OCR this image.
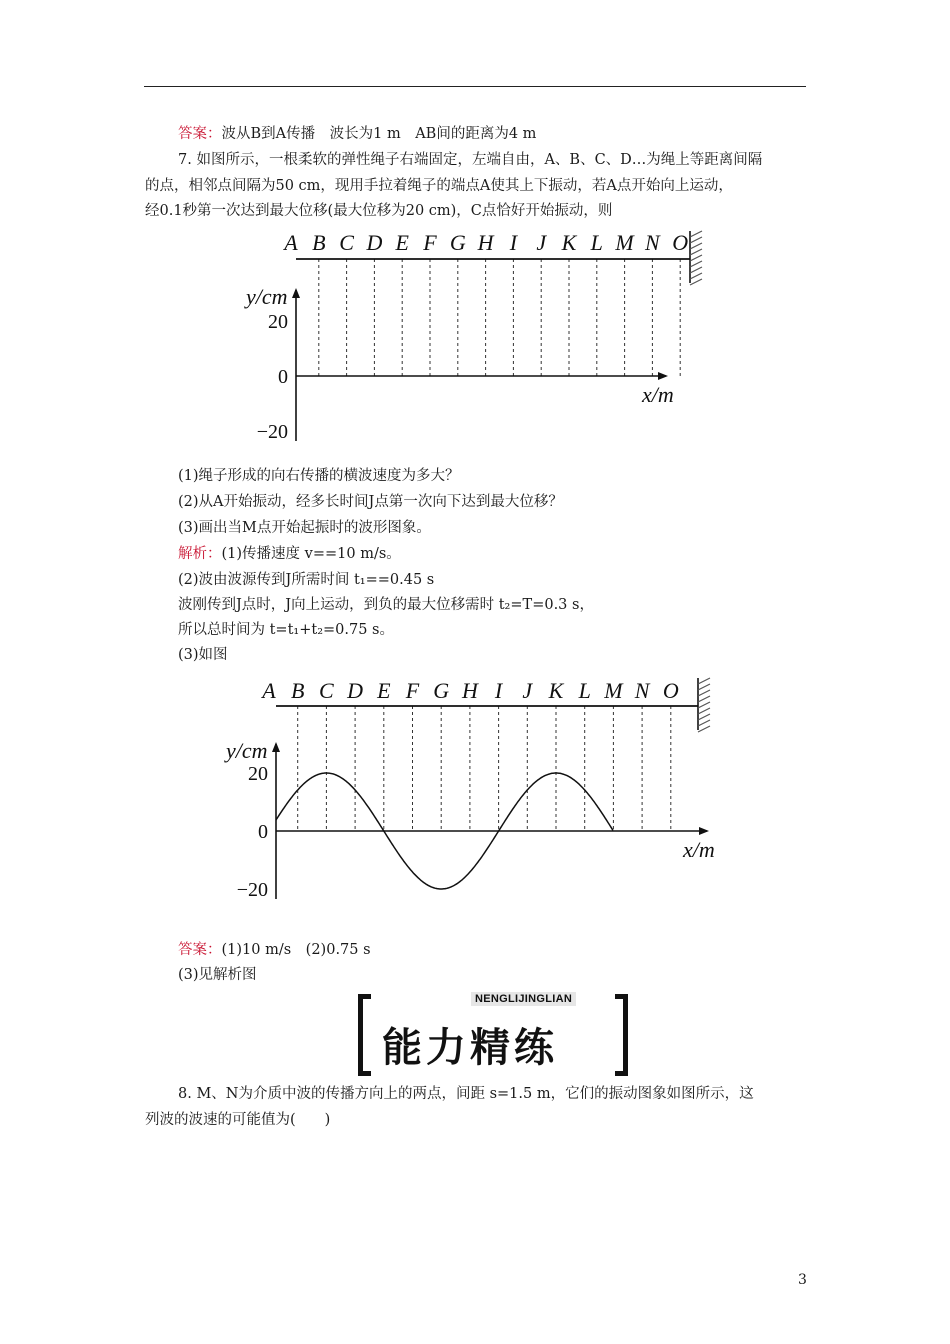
答案：波从B到A传播　波长为1 m　AB间的距离为4 m
7. 如图所示，一根柔软的弹性绳子右端固定，左端自由，A、B、C、D…为绳上等距离间隔
的点，相邻点间隔为50 cm，现用手拉着绳子的端点A使其上下振动，若A点开始向上运动，
经0.1秒第一次达到最大位移(最大位移为20 cm)，C点恰好开始振动，则
A B C D E F G H I J K L M N O
y/cm
x/m
20
0
−20
(1)绳子形成的向右传播的横波速度为多大？
(2)从A开始振动，经多长时间J点第一次向下达到最大位移？
(3)画出当M点开始起振时的波形图象。
解析：(1)传播速度 v==10 m/s。
(2)波由波源传到J所需时间 t₁==0.45 s
波刚传到J点时，J向上运动，到负的最大位移需时 t₂=T=0.3 s，
所以总时间为 t=t₁+t₂=0.75 s。
(3)如图
A B C D E F G H I J K L M N O
y/cm
x/m
20
0
−20
答案：(1)10 m/s　(2)0.75 s
(3)见解析图
NENGLIJINGLIAN
能力精练
8. M、N为介质中波的传播方向上的两点，间距 s=1.5 m，它们的振动图象如图所示，这
列波的波速的可能值为(　　)
3
